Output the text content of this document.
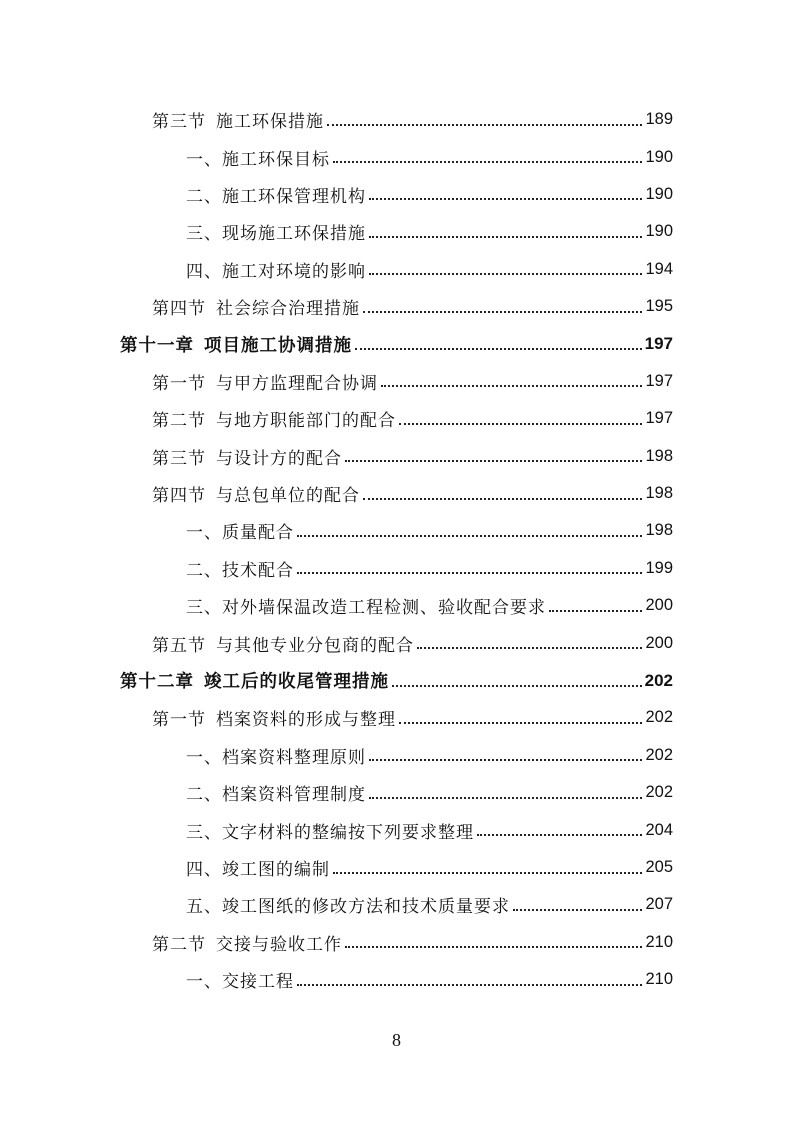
第三节 施工环保措施	189
一、施工环保目标	190
二、施工环保管理机构	190
三、现场施工环保措施	190
四、施工对环境的影响	194
第四节 社会综合治理措施	195
第十一章 项目施工协调措施	197
第一节 与甲方监理配合协调	197
第二节 与地方职能部门的配合	197
第三节 与设计方的配合	198
第四节 与总包单位的配合	198
一、质量配合	198
二、技术配合	199
三、对外墙保温改造工程检测、验收配合要求	200
第五节 与其他专业分包商的配合	200
第十二章 竣工后的收尾管理措施	202
第一节 档案资料的形成与整理	202
一、档案资料整理原则	202
二、档案资料管理制度	202
三、文字材料的整编按下列要求整理	204
四、竣工图的编制	205
五、竣工图纸的修改方法和技术质量要求	207
第二节 交接与验收工作	210
一、交接工程	210
8
